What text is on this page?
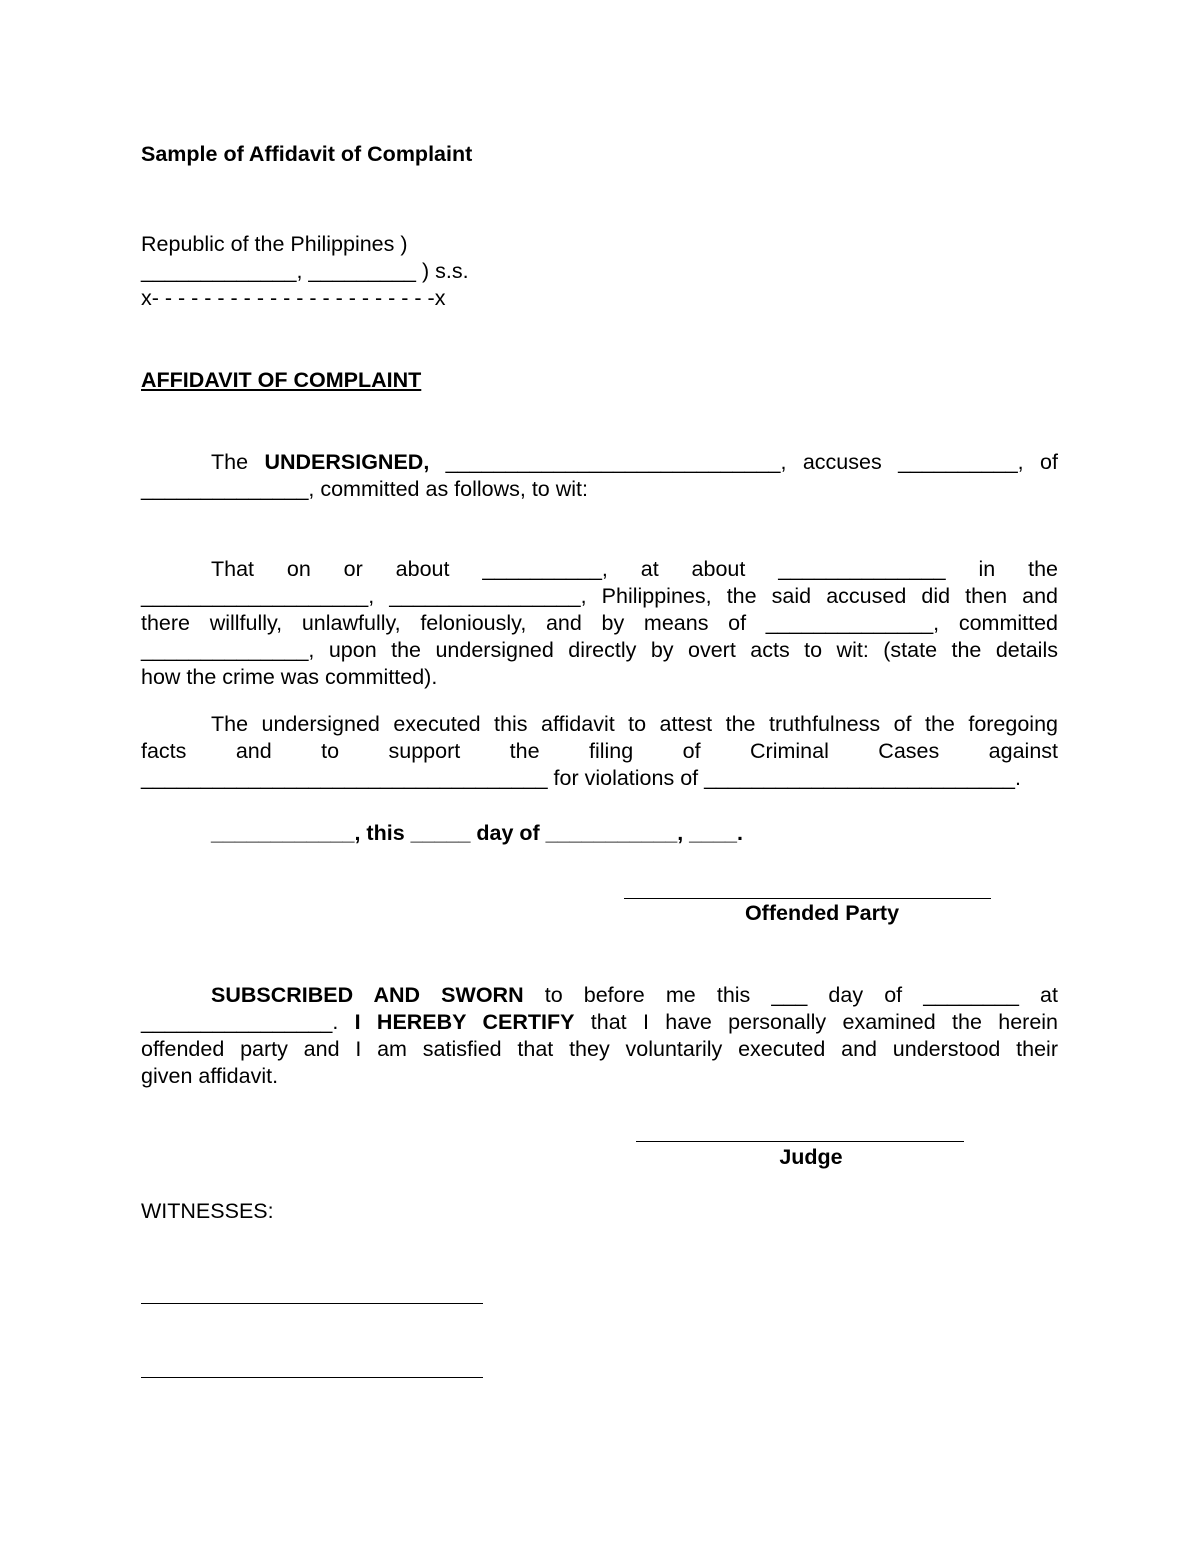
Sample of Affidavit of Complaint
Republic of the Philippines )
_____________, _________ ) s.s.
x- - - - - - - - - - - - - - - - - - - - - -x
AFFIDAVIT OF COMPLAINT
The UNDERSIGNED, ____________________________, accuses __________, of
______________, committed as follows, to wit:
That on or about __________, at about ______________ in the
___________________, ________________, Philippines, the said accused did then and
there willfully, unlawfully, feloniously, and by means of ______________, committed
______________, upon the undersigned directly by overt acts to wit: (state the details
how the crime was committed).
The undersigned executed this affidavit to attest the truthfulness of the foregoing
facts and to support the filing of Criminal Cases against
__________________________________ for violations of __________________________.
____________, this _____ day of ___________, ____.
Offended Party
SUBSCRIBED AND SWORN to before me this ___ day of ________ at
________________. I HEREBY CERTIFY that I have personally examined the herein
offended party and I am satisfied that they voluntarily executed and understood their
given affidavit.
Judge
WITNESSES:
